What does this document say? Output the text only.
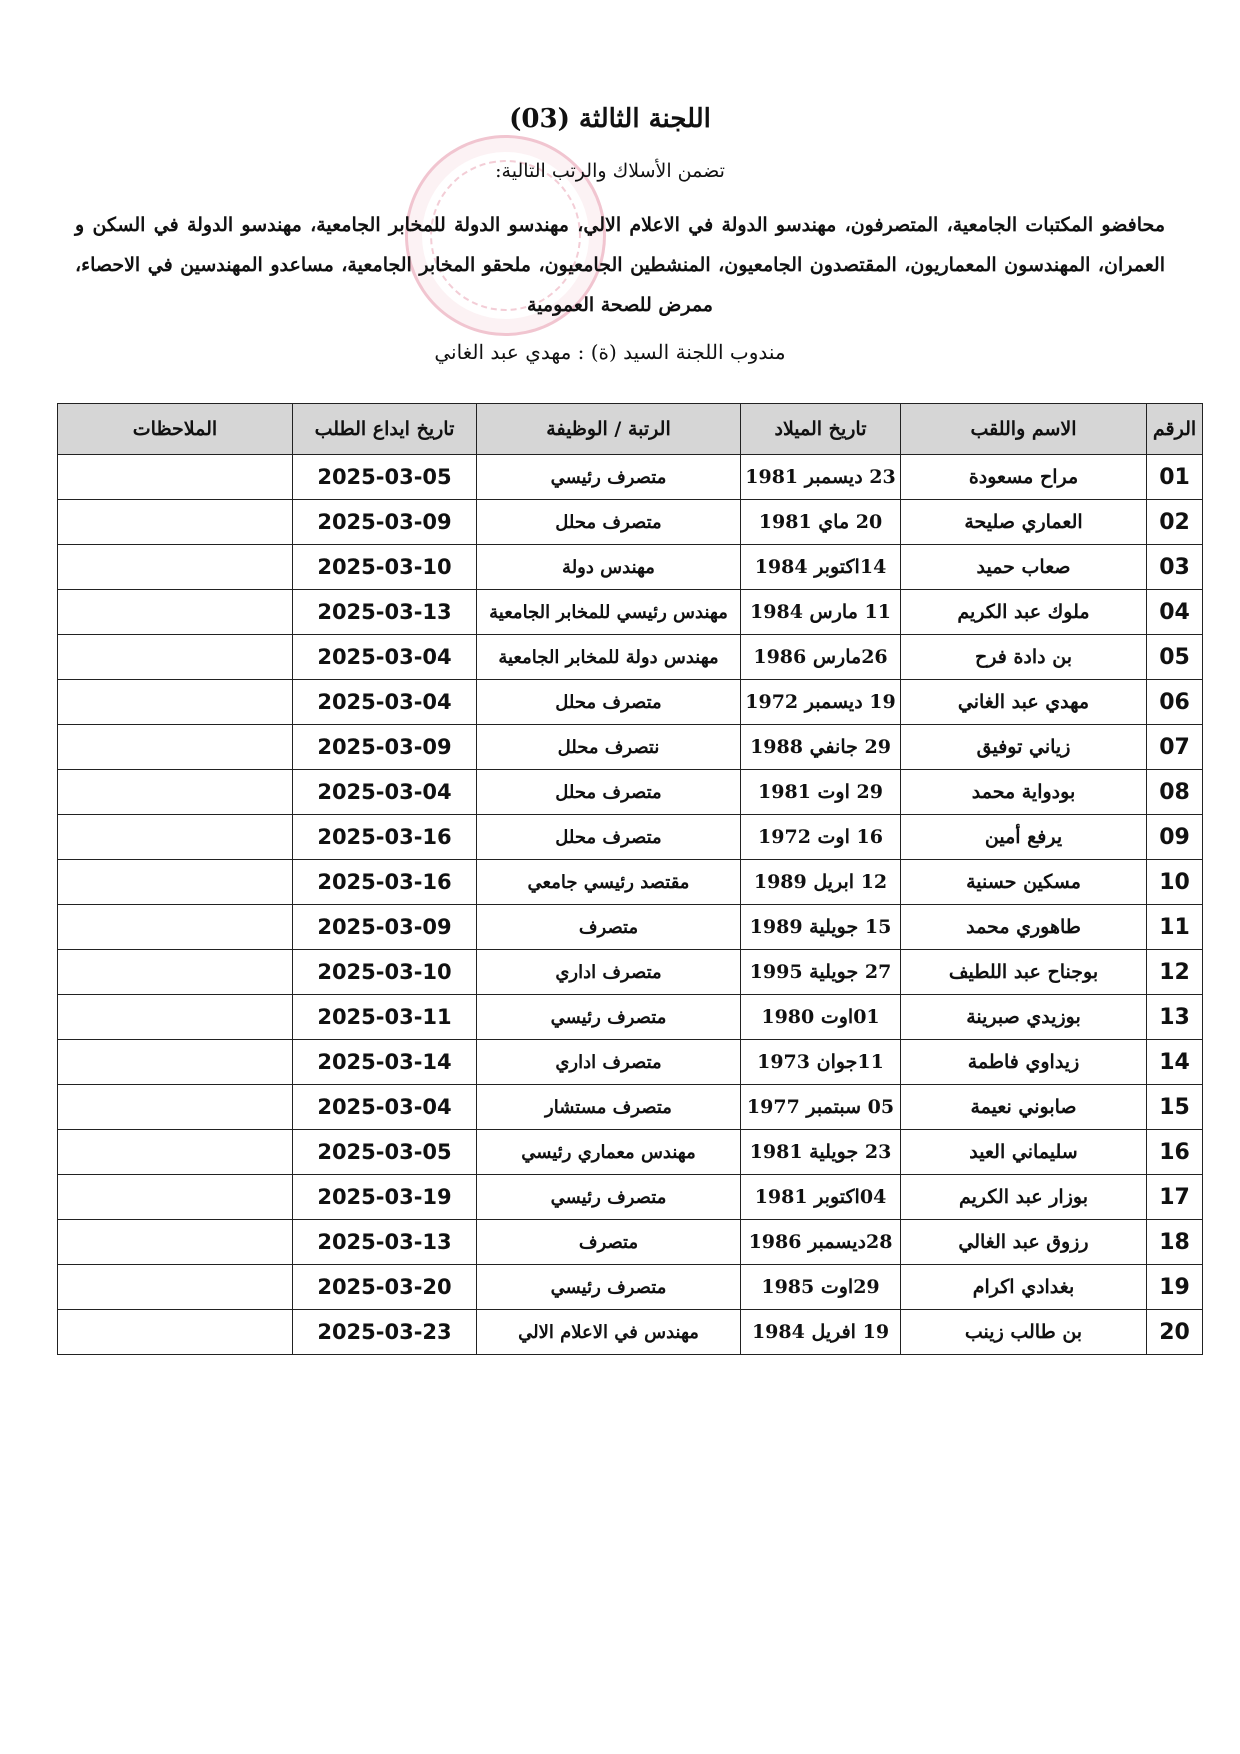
اللجنة الثالثة (03)
تضمن الأسلاك والرتب التالية:
محافضو المكتبات الجامعية، المتصرفون، مهندسو الدولة في الاعلام الالي، مهندسو الدولة للمخابر الجامعية، مهندسو الدولة في السكن و العمران، المهندسون المعماريون، المقتصدون الجامعيون، المنشطين الجامعيون، ملحقو المخابر الجامعية، مساعدو المهندسين في الاحصاء، ممرض للصحة العمومية
مندوب اللجنة السيد (ة) : مهدي عبد الغاني
الرقم	الاسم واللقب	تاريخ الميلاد	الرتبة / الوظيفة	تاريخ ايداع الطلب	الملاحظات
01	مراح مسعودة	23 ديسمبر 1981	متصرف رئيسي	2025-03-05	
02	العماري صليحة	20 ماي 1981	متصرف محلل	2025-03-09	
03	صعاب حميد	14اكتوبر 1984	مهندس دولة	2025-03-10	
04	ملوك عبد الكريم	11 مارس 1984	مهندس رئيسي للمخابر الجامعية	2025-03-13	
05	بن دادة فرح	26مارس 1986	مهندس دولة للمخابر الجامعية	2025-03-04	
06	مهدي عبد الغاني	19 ديسمبر 1972	متصرف محلل	2025-03-04	
07	زياني توفيق	29 جانفي 1988	نتصرف محلل	2025-03-09	
08	بودواية محمد	29 اوت 1981	متصرف محلل	2025-03-04	
09	يرفع أمين	16 اوت 1972	متصرف محلل	2025-03-16	
10	مسكين حسنية	12 ابريل 1989	مقتصد رئيسي جامعي	2025-03-16	
11	طاهوري محمد	15 جويلية 1989	متصرف	2025-03-09	
12	بوجناح عبد اللطيف	27 جويلية 1995	متصرف اداري	2025-03-10	
13	بوزيدي صبرينة	01اوت 1980	متصرف رئيسي	2025-03-11	
14	زيداوي فاطمة	11جوان 1973	متصرف اداري	2025-03-14	
15	صابوني نعيمة	05 سبتمبر 1977	متصرف مستشار	2025-03-04	
16	سليماني العيد	23 جويلية 1981	مهندس معماري رئيسي	2025-03-05	
17	بوزار عبد الكريم	04اكتوبر 1981	متصرف رئيسي	2025-03-19	
18	رزوق عبد الغالي	28ديسمبر 1986	متصرف	2025-03-13	
19	بغدادي اكرام	29اوت 1985	متصرف رئيسي	2025-03-20	
20	بن طالب زينب	19 افريل 1984	مهندس في الاعلام الالي	2025-03-23	
